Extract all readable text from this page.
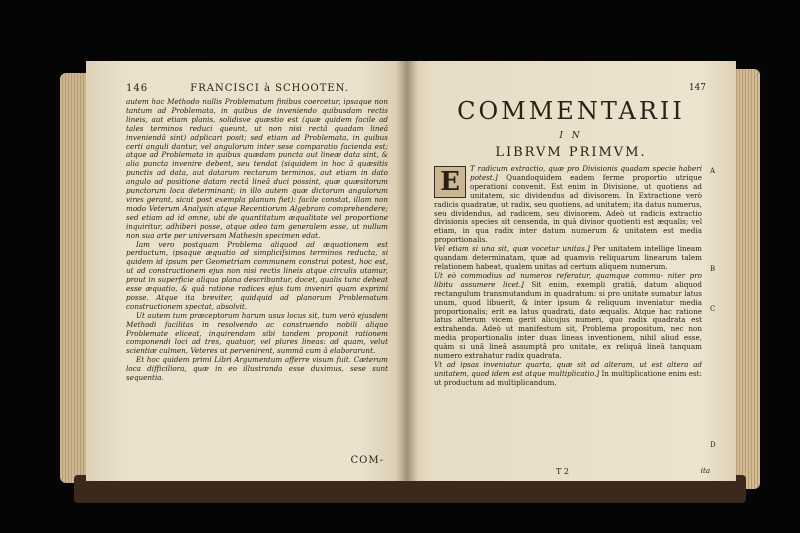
146	FRANCISCI à SCHOOTEN.

autem hac Methodo nullis Problematum finibus coercetur, ipsaque non tantum ad Problemata, in quibus de inveniendo quibusdam rectis lineis, aut etiam planis, solidisve quæstio est (quæ quidem facile ad tales terminos reduci queunt, ut non nisi rectâ quadam lineâ inveniendâ sint) adplicari posit; sed etiam ad Problemata, in quibus certi anguli dantur, vel angulorum inter sese comparatio facienda est; atque ad Problemata in quibus quædam puncta aut lineæ data sint, & alia puncta invenire debent, seu tendat (siquidem in hoc ã quæsitis punctis ad data, aut datarum rectarum terminos, aut etiam in dato angulo ad positione datam rectâ lineâ duci possint, quæ quæsitorum punctorum loca determinant; in illo autem quæ dictorum angulorum vires gerant, sicut post exempla planum fiet): facile constat, illam non modo Veterum Analysin atque Recentiorum Algebram comprehendere; sed etiam ad id omne, ubi de quantitatum æqualitate vel proportione inquiritur, adhiberi posse, atque adeo tam generalem esse, ut nullum non sua arte per universam Mathesin specimen edat.

Iam vero postquam Problema aliquod ad æquationem est perductum, ipsaque æquatio ad simpliciſsimos terminos reducta, si quidem id ipsum per Geometriam communem construi potest, hoc est, ut ad constructionem ejus non nisi rectis lineis atque circulis utamur, prout in superficie aliqua plana describuntur, docet, qualis tunc debeat esse æquatio, & quâ ratione radices ejus tum inveniri quam exprimi posse. Atque ita breviter, quidquid ad planorum Problematum constructionem spectat, absolvit.

Ut autem tum præceptorum harum usus locus sit, tum verò ejusdem Methodi facilitas in resolvendo ac construendo nobili aliquo Problemate eliceat, inquirendam sibi tandem proponit rationem componendi loci ad tres, quatuor, vel plures lineas: ad quam, velut scientiæ culmen, Veteres ut pervenirent, summâ cum â elaborarunt.

Et hoc quidem primi Libri Argumentum afferre visum fuit. Cæterum loca difficiliora, quæ in eo illustranda esse duximus, sese sunt sequentia.

COM-
147
COMMENTARII
I N
LIBRVM PRIMVM.

E	T radicum extractio, quæ pro Divisionis quadam specie haberi potest.] Quandoquidem eadem ferme proportio utrique operationi convenit. Est enim in Divisione, ut quotiens ad unitatem, sic dividendus ad divisorem. In Extractione verò radicis quadratæ, ut radix, seu quotiens, ad unitatem; ita datus numerus, seu dividendus, ad radicem, seu divisorem. Adeò ut radicis extractio divisionis species sit censenda, in quâ divisor quotienti est æqualis; vel etiam, in qua radix inter datum numerum & unitatem est media proportionalis.

Vel etiam si una sit, quæ vocetur unitas.] Per unitatem intellige lineam quandam determinatam, quæ ad quamvis reliquarum linearum talem relationem habeat, qualem unitas ad certum aliquem numerum.

Ut eò commodius ad numeros referatur, quamque commu- niter pro libitu assumere licet.] Sit enim, exempli gratiâ, datum aliquod rectangulum transmutandum in quadratum: si pro unitate sumatur latus unum, quod libuerit, & inter ipsum & reliquum inveniatur media proportionalis; erit ea latus quadrati, dato æqualis. Atque hac ratione latus alterum vicem gerit alicujus numeri, quo radix quadrata est extrahenda. Adeò ut manifestum sit, Problema propositum, nec non media proportionalis inter duas lineas inventionem, nihil aliud esse, quàm si unâ lineâ assumptâ pro unitate, ex reliquâ lineâ tanquam numero extrahatur radix quadrata.

Vt ad ipsas inveniatur quarta, quæ sit ad alteram, ut est altera ad unitatem, quod idem est atque multiplicatio.] In multiplicatione enim est: ut productum ad multiplicandum,

A
B
C
D
T 2	ita
